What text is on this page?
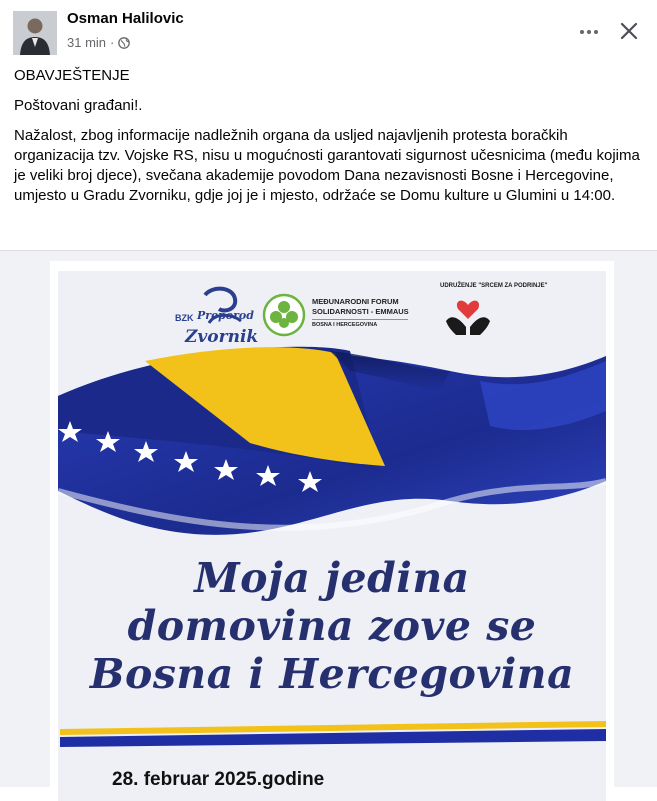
Osman Halilovic
31 min ·

OBAVJEŠTENJE

Poštovani građani!.

Nažalost, zbog informacije nadležnih organa da usljed najavljenih protesta boračkih organizacija tzv. Vojske RS, nisu u mogućnosti garantovati sigurnost učesnicima (među kojima je veliki broj djece), svečana akademije povodom Dana nezavisnosti Bosne i Hercegovine, umjesto u Gradu Zvorniku, gdje joj je i mjesto, održaće se Domu kulture u Glumini u 14:00.

BZK Preporod
Zvornik
MEĐUNARODNI FORUM
SOLIDARNOSTI - EMMAUS
BOSNA I HERCEGOVINA
UDRUŽENJE "SRCEM ZA PODRINJE"
Moja jedina
domovina zove se
Bosna i Hercegovina
28. februar 2025.godine
